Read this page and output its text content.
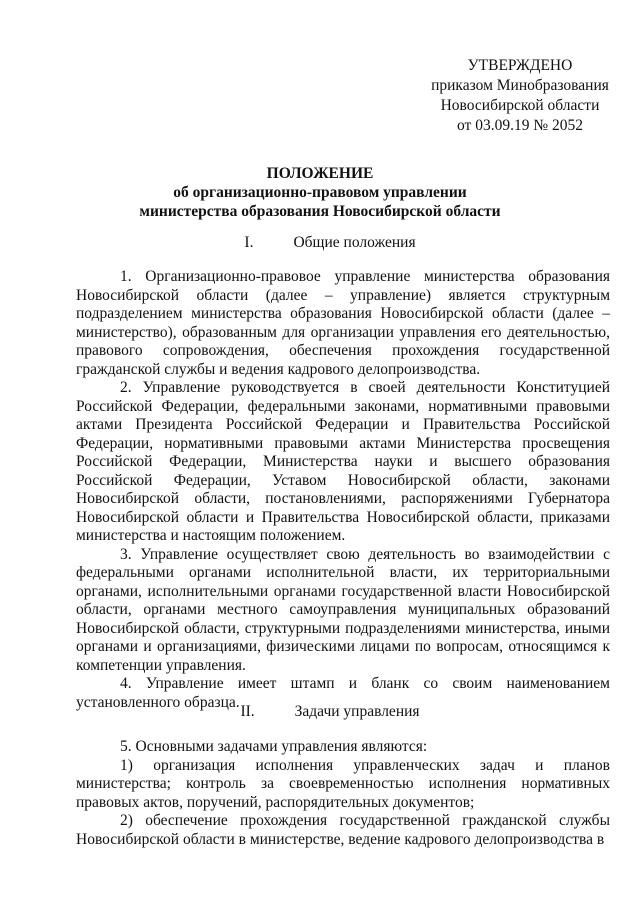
УТВЕРЖДЕНО
приказом Минобразования
Новосибирской области
от 03.09.19 № 2052
ПОЛОЖЕНИЕ
об организационно-правовом управлении
министерства образования Новосибирской области
I.	Общие положения

1. Организационно-правовое управление министерства образования Новосибирской области (далее – управление) является структурным подразделением министерства образования Новосибирской области (далее – министерство), образованным для организации управления его деятельностью, правового сопровождения, обеспечения прохождения государственной гражданской службы и ведения кадрового делопроизводства.

2. Управление руководствуется в своей деятельности Конституцией Российской Федерации, федеральными законами, нормативными правовыми актами Президента Российской Федерации и Правительства Российской Федерации, нормативными правовыми актами Министерства просвещения Российской Федерации, Министерства науки и высшего образования Российской Федерации, Уставом Новосибирской области, законами Новосибирской области, постановлениями, распоряжениями Губернатора Новосибирской области и Правительства Новосибирской области, приказами министерства и настоящим положением.

3. Управление осуществляет свою деятельность во взаимодействии с федеральными органами исполнительной власти, их территориальными органами, исполнительными органами государственной власти Новосибирской области, органами местного самоуправления муниципальных образований Новосибирской области, структурными подразделениями министерства, иными органами и организациями, физическими лицами по вопросам, относящимся к компетенции управления.

4. Управление имеет штамп и бланк со своим наименованием установленного образца.

II.	Задачи управления

5. Основными задачами управления являются:

1) организация исполнения управленческих задач и планов министерства; контроль за своевременностью исполнения нормативных правовых актов, поручений, распорядительных документов;

2) обеспечение прохождения государственной гражданской службы Новосибирской области в министерстве, ведение кадрового делопроизводства в
